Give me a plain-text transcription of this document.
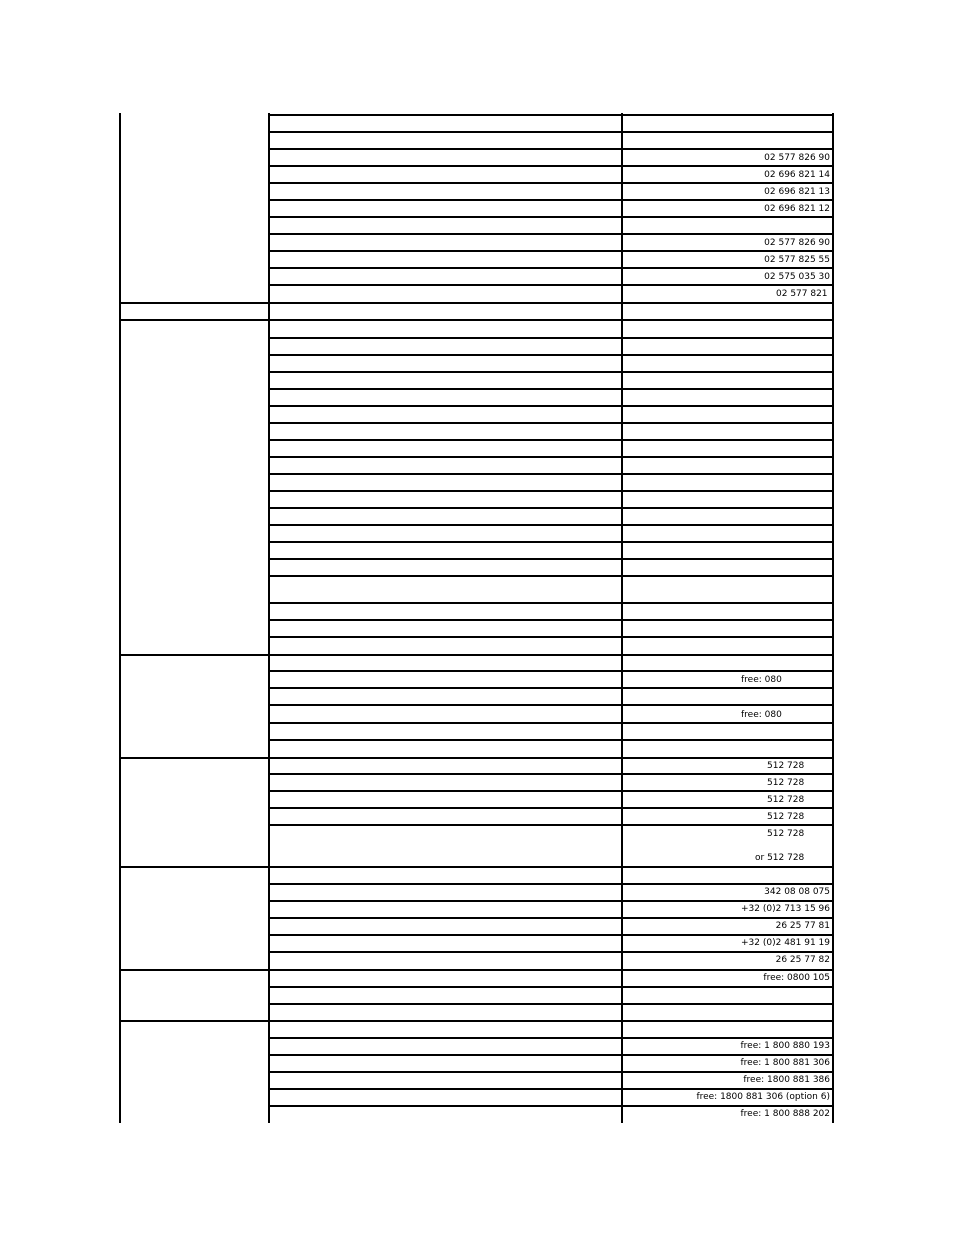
02 577 826 90
02 696 821 14
02 696 821 13
02 696 821 12
02 577 826 90
02 577 825 55
02 575 035 30
02 577 821
free: 080
free: 080
512 728
512 728
512 728
512 728
512 728
or 512 728
342 08 08 075
+32 (0)2 713 15 96
26 25 77 81
+32 (0)2 481 91 19
26 25 77 82
free: 0800 105
free: 1 800 880 193
free: 1 800 881 306
free: 1800 881 386
free: 1800 881 306 (option 6)
free: 1 800 888 202
